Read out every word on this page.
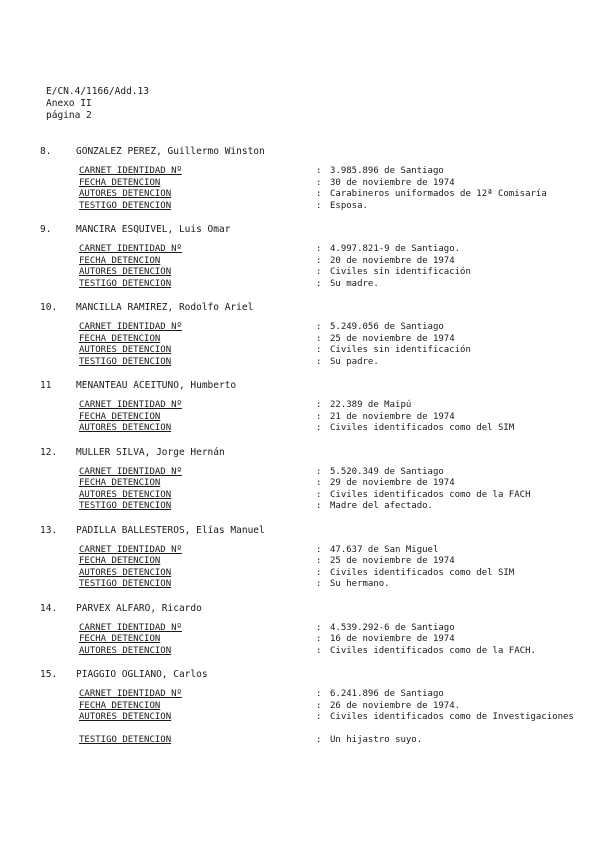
E/CN.4/1166/Add.13
Anexo II
página 2
8.	GONZALEZ PEREZ, Guillermo Winston
CARNET IDENTIDAD Nº	: 3.985.896 de Santiago
FECHA DETENCION	: 30 de noviembre de 1974
AUTORES DETENCION	: Carabineros uniformados de 12ª Comisaría
TESTIGO DETENCION	: Esposa.
9.	MANCIRA ESQUIVEL, Luis Omar
CARNET IDENTIDAD Nº	: 4.997.821-9 de Santiago.
FECHA DETENCION	: 20 de noviembre de 1974
AUTORES DETENCION	: Civiles sin identificación
TESTIGO DETENCION	: Su madre.
10.	MANCILLA RAMIREZ, Rodolfo Ariel
CARNET IDENTIDAD Nº	: 5.249.056 de Santiago
FECHA DETENCION	: 25 de noviembre de 1974
AUTORES DETENCION	: Civiles sin identificación
TESTIGO DETENCION	: Su padre.
11	MENANTEAU ACEITUNO, Humberto
CARNET IDENTIDAD Nº	: 22.389 de Maipú
FECHA DETENCION	: 21 de noviembre de 1974
AUTORES DETENCION	: Civiles identificados como del SIM
12.	MULLER SILVA, Jorge Hernán
CARNET IDENTIDAD Nº	: 5.520.349 de Santiago
FECHA DETENCION	: 29 de noviembre de 1974
AUTORES DETENCION	: Civiles identificados como de la FACH
TESTIGO DETENCION	: Madre del afectado.
13.	PADILLA BALLESTEROS, Elías Manuel
CARNET IDENTIDAD Nº	: 47.637 de San Miguel
FECHA DETENCION	: 25 de noviembre de 1974
AUTORES DETENCION	: Civiles identificados como del SIM
TESTIGO DETENCION	: Su hermano.
14.	PARVEX ALFARO, Ricardo
CARNET IDENTIDAD Nº	: 4.539.292-6 de Santiago
FECHA DETENCION	: 16 de noviembre de 1974
AUTORES DETENCION	: Civiles identificados como de la FACH.
15.	PIAGGIO OGLIANO, Carlos
CARNET IDENTIDAD Nº	: 6.241.896 de Santiago
FECHA DETENCION	: 26 de noviembre de 1974.
AUTORES DETENCION	: Civiles identificados como de Investigaciones
TESTIGO DETENCION	: Un hijastro suyo.
